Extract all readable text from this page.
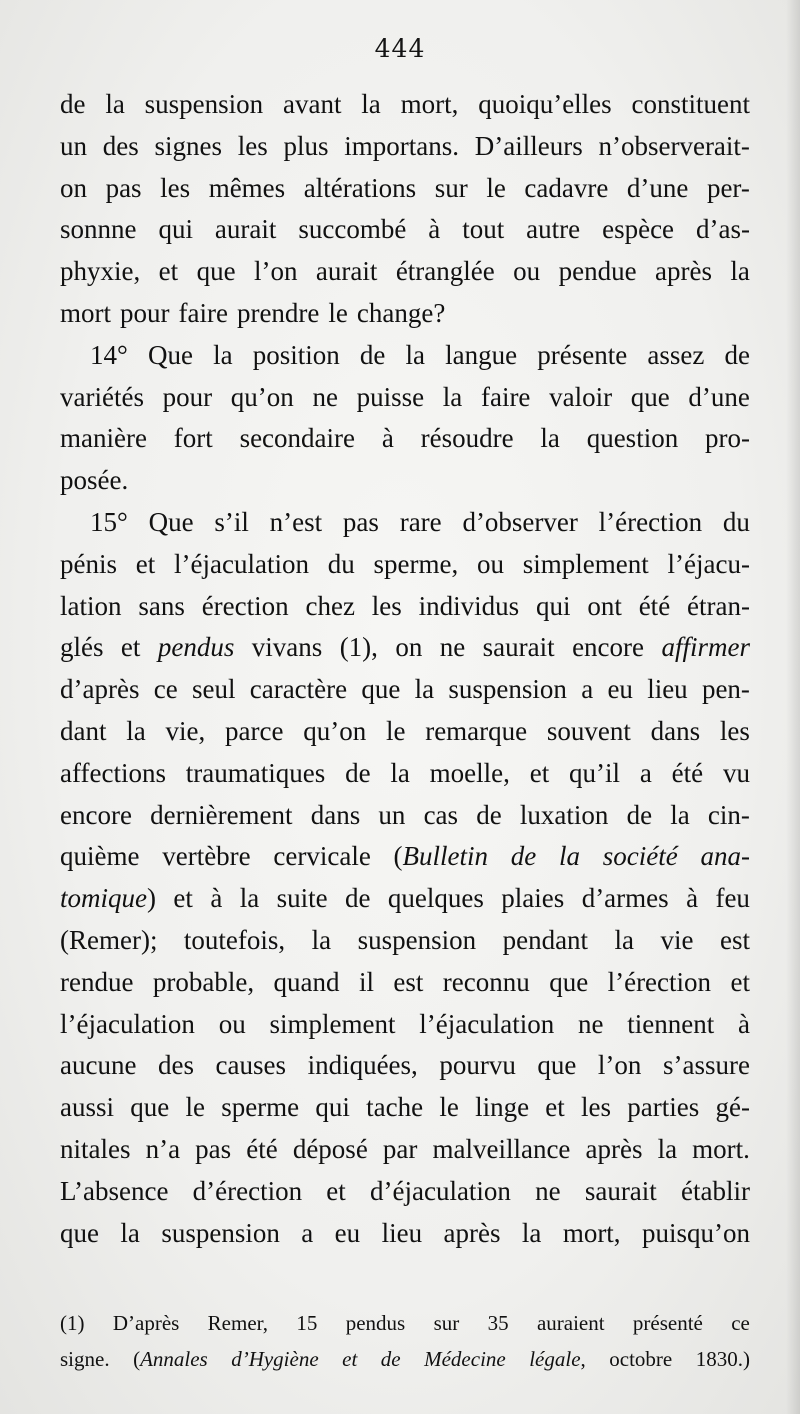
444
de la suspension avant la mort, quoiqu’elles constituent
un des signes les plus importans. D’ailleurs n’observerait-
on pas les mêmes altérations sur le cadavre d’une per-
sonnne qui aurait succombé à tout autre espèce d’as-
phyxie, et que l’on aurait étranglée ou pendue après la
mort pour faire prendre le change?
14° Que la position de la langue présente assez de
variétés pour qu’on ne puisse la faire valoir que d’une
manière fort secondaire à résoudre la question pro-
posée.
15° Que s’il n’est pas rare d’observer l’érection du
pénis et l’éjaculation du sperme, ou simplement l’éjacu-
lation sans érection chez les individus qui ont été étran-
glés et pendus vivans (1), on ne saurait encore affirmer
d’après ce seul caractère que la suspension a eu lieu pen-
dant la vie, parce qu’on le remarque souvent dans les
affections traumatiques de la moelle, et qu’il a été vu
encore dernièrement dans un cas de luxation de la cin-
quième vertèbre cervicale (Bulletin de la société ana-
tomique) et à la suite de quelques plaies d’armes à feu
(Remer); toutefois, la suspension pendant la vie est
rendue probable, quand il est reconnu que l’érection et
l’éjaculation ou simplement l’éjaculation ne tiennent à
aucune des causes indiquées, pourvu que l’on s’assure
aussi que le sperme qui tache le linge et les parties gé-
nitales n’a pas été déposé par malveillance après la mort.
L’absence d’érection et d’éjaculation ne saurait établir
que la suspension a eu lieu après la mort, puisqu’on
(1) D’après Remer, 15 pendus sur 35 auraient présenté ce
signe. (Annales d’Hygiène et de Médecine légale, octobre 1830.)
